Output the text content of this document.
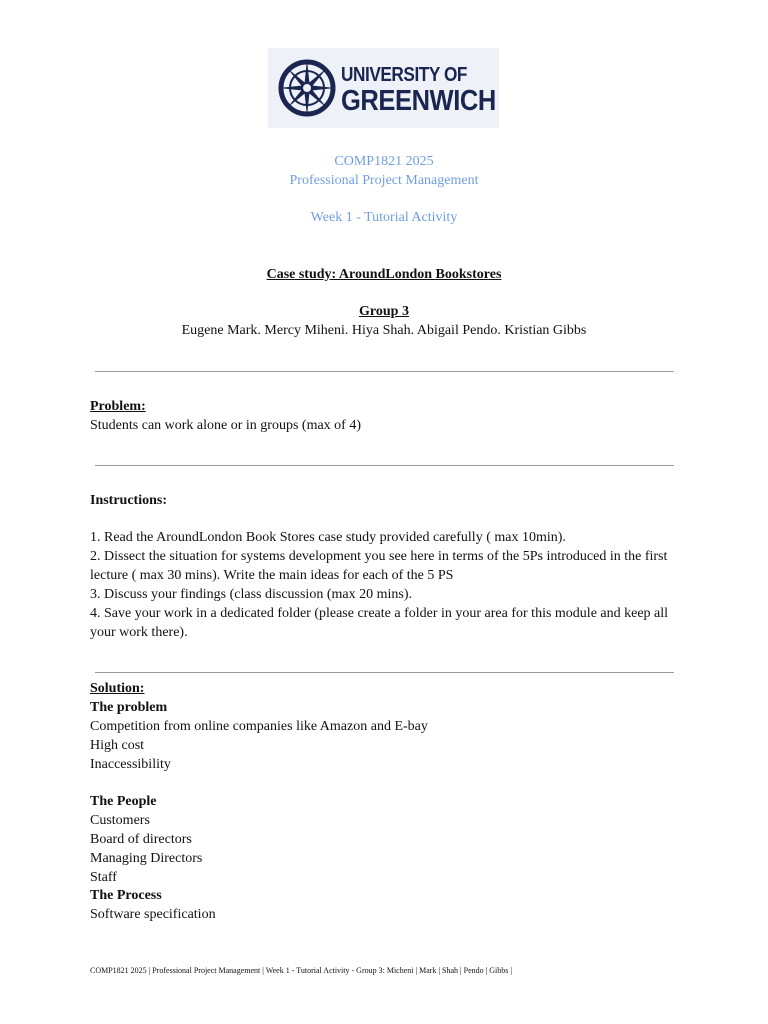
UNIVERSITY OF
GREENWICH
COMP1821 2025
Professional Project Management
Week 1 - Tutorial Activity
Case study: AroundLondon Bookstores
Group 3
Eugene Mark. Mercy Miheni. Hiya Shah. Abigail Pendo. Kristian Gibbs
Problem:
Students can work alone or in groups (max of 4)
Instructions:
1. Read the AroundLondon Book Stores case study provided carefully ( max 10min).
2. Dissect the situation for systems development you see here in terms of the 5Ps introduced in the first
lecture ( max 30 mins). Write the main ideas for each of the 5 PS
3. Discuss your findings (class discussion (max 20 mins).
4. Save your work in a dedicated folder (please create a folder in your area for this module and keep all
your work there).
Solution:
The problem
Competition from online companies like Amazon and E-bay
High cost
Inaccessibility
The People
Customers
Board of directors
Managing Directors
Staff
The Process
Software specification
COMP1821 2025 | Professional Project Management | Week 1 - Tutorial Activity - Group 3: Micheni | Mark | Shah | Pendo | Gibbs |
